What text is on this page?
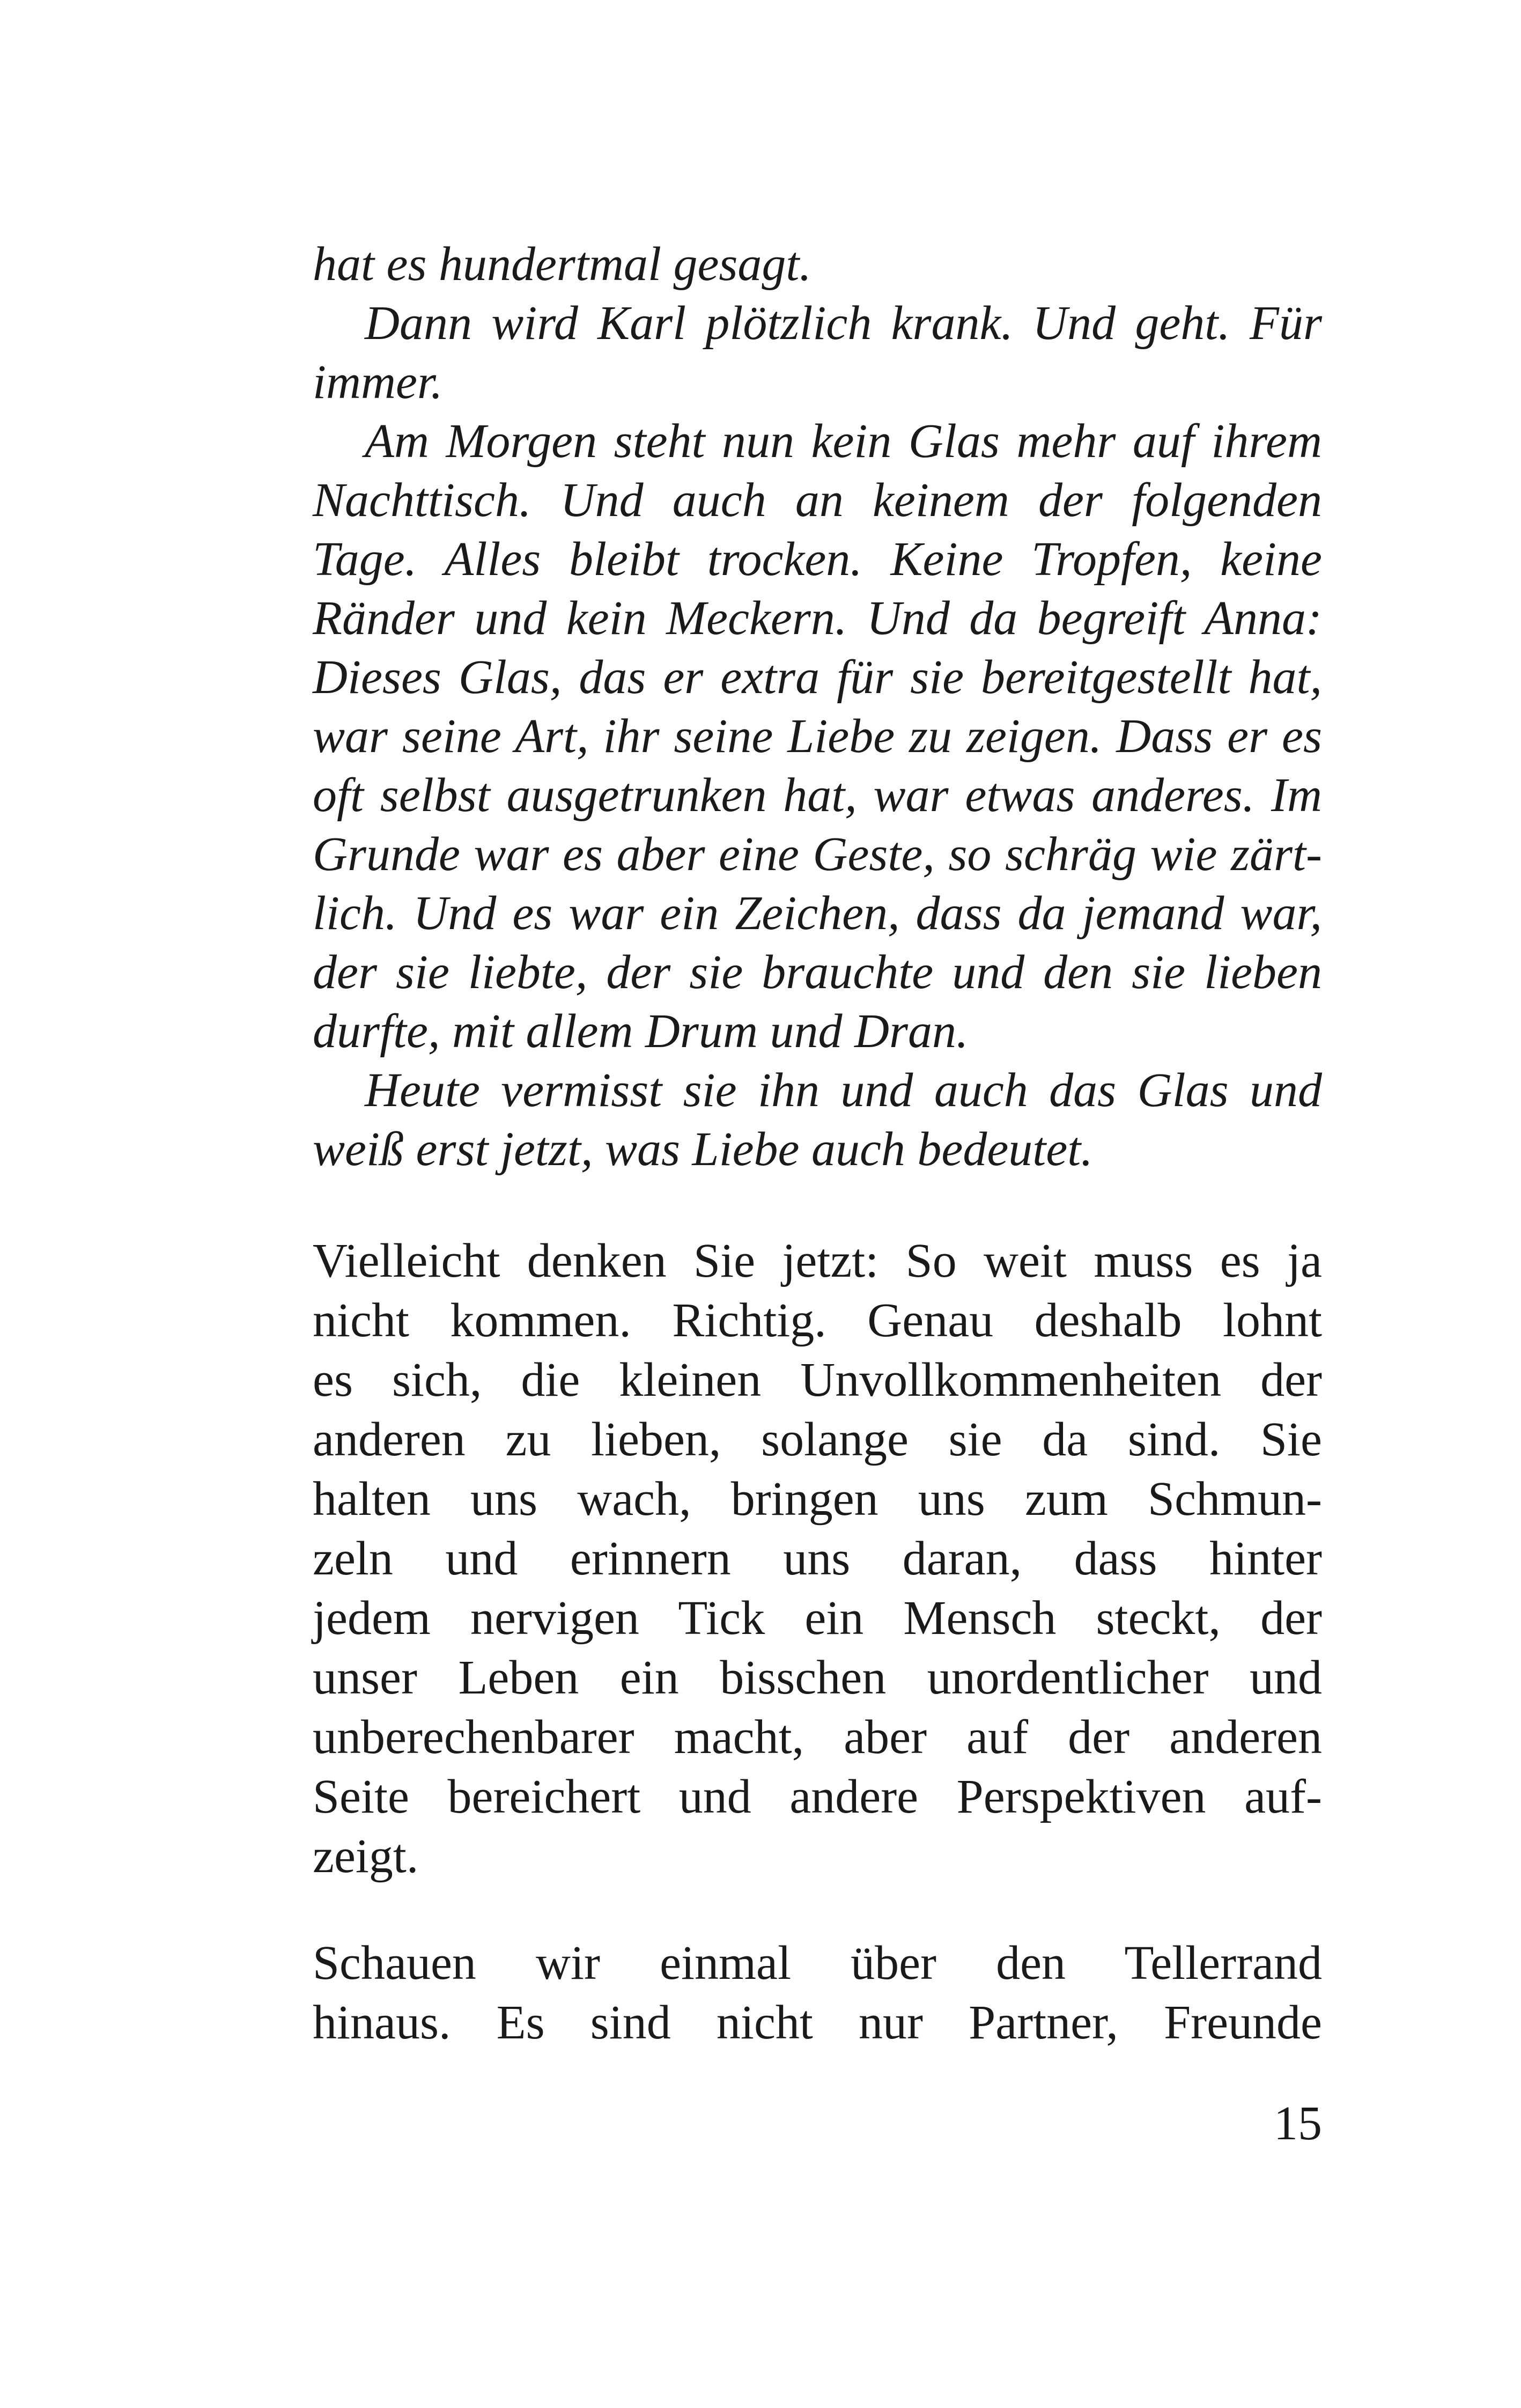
hat es hundertmal gesagt.
Dann wird Karl plötzlich krank. Und geht. Für
immer.
Am Morgen steht nun kein Glas mehr auf ihrem
Nachttisch. Und auch an keinem der folgenden
Tage. Alles bleibt trocken. Keine Tropfen, keine
Ränder und kein Meckern. Und da begreift Anna:
Dieses Glas, das er extra für sie bereitgestellt hat,
war seine Art, ihr seine Liebe zu zeigen. Dass er es
oft selbst ausgetrunken hat, war etwas anderes. Im
Grunde war es aber eine Geste, so schräg wie zärt-
lich. Und es war ein Zeichen, dass da jemand war,
der sie liebte, der sie brauchte und den sie lieben
durfte, mit allem Drum und Dran.
Heute vermisst sie ihn und auch das Glas und
weiß erst jetzt, was Liebe auch bedeutet.
Vielleicht denken Sie jetzt: So weit muss es ja
nicht kommen. Richtig. Genau deshalb lohnt
es sich, die kleinen Unvollkommenheiten der
anderen zu lieben, solange sie da sind. Sie
halten uns wach, bringen uns zum Schmun-
zeln und erinnern uns daran, dass hinter
jedem nervigen Tick ein Mensch steckt, der
unser Leben ein bisschen unordentlicher und
unberechenbarer macht, aber auf der anderen
Seite bereichert und andere Perspektiven auf-
zeigt.
Schauen wir einmal über den Tellerrand
hinaus. Es sind nicht nur Partner, Freunde
15
